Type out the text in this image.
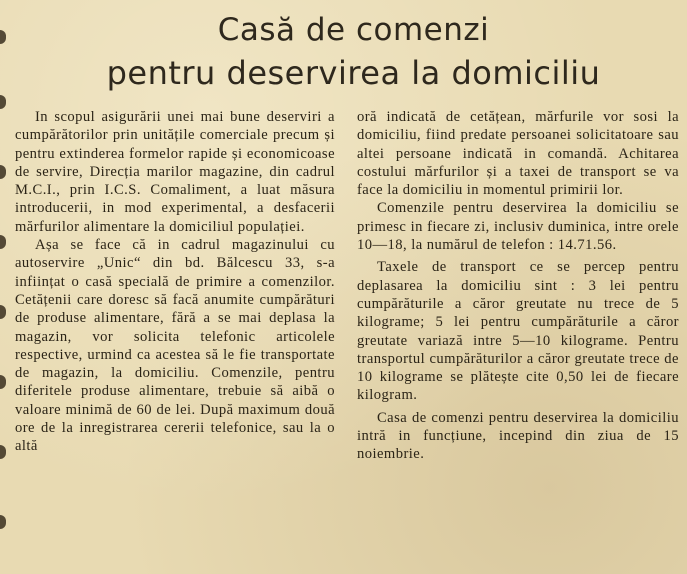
Casă de comenzi
pentru deservirea la domiciliu

In scopul asigurării unei mai bune deserviri a cumpărătorilor prin unitățile comerciale precum și pentru extinderea formelor rapide și economicoase de servire, Direcția marilor magazine, din cadrul M.C.I., prin I.C.S. Comaliment, a luat măsura introducerii, in mod experimental, a desfacerii mărfurilor alimentare la domiciliul populației.

Așa se face că in cadrul magazinului cu autoservire „Unic“ din bd. Bălcescu 33, s-a inființat o casă specială de primire a comenzilor. Cetățenii care doresc să facă anumite cumpărături de produse alimentare, fără a se mai deplasa la magazin, vor solicita telefonic articolele respective, urmind ca acestea să le fie transportate de magazin, la domiciliu. Comenzile, pentru diferitele produse alimentare, trebuie să aibă o valoare minimă de 60 de lei. După maximum două ore de la inregistrarea cererii telefonice, sau la o altă

oră indicată de cetățean, mărfurile vor sosi la domiciliu, fiind predate persoanei solicitatoare sau altei persoane indicată in comandă. Achitarea costului mărfurilor și a taxei de transport se va face la domiciliu in momentul primirii lor.

Comenzile pentru deservirea la domiciliu se primesc in fiecare zi, inclusiv duminica, intre orele 10—18, la numărul de telefon : 14.71.56.

Taxele de transport ce se percep pentru deplasarea la domiciliu sint : 3 lei pentru cumpărăturile a căror greutate nu trece de 5 kilograme; 5 lei pentru cumpărăturile a căror greutate variază intre 5—10 kilograme. Pentru transportul cumpărăturilor a căror greutate trece de 10 kilograme se plătește cite 0,50 lei de fiecare kilogram.

Casa de comenzi pentru deservirea la domiciliu intră in funcțiune, incepind din ziua de 15 noiembrie.
